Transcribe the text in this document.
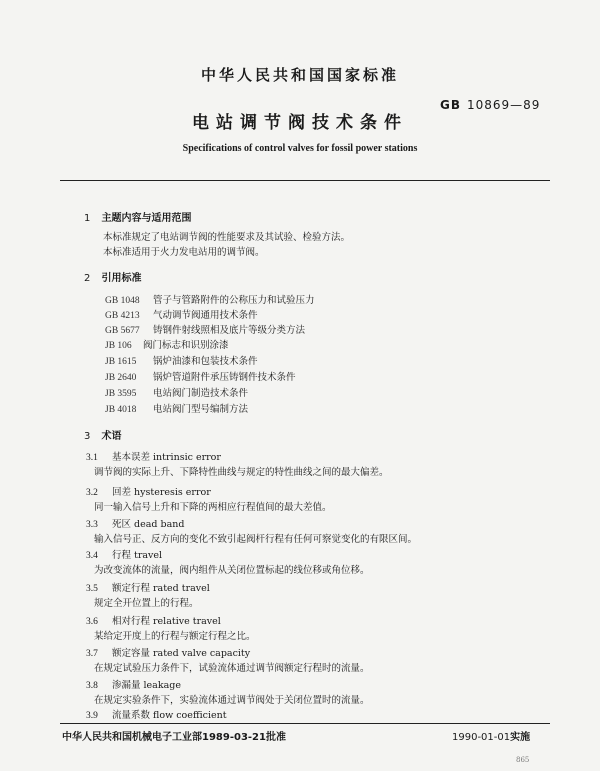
中华人民共和国国家标准
GB 10869—89
电站调节阀技术条件
Specifications of control valves for fossil power stations
1 主题内容与适用范围
本标准规定了电站调节阀的性能要求及其试验、检验方法。
本标准适用于火力发电站用的调节阀。
2 引用标准
GB 1048 管子与管路附件的公称压力和试验压力
GB 4213 气动调节阀通用技术条件
GB 5677 铸钢件射线照相及底片等级分类方法
JB 106 阀门标志和识别涂漆
JB 1615 锅炉油漆和包装技术条件
JB 2640 锅炉管道附件承压铸钢件技术条件
JB 3595 电站阀门制造技术条件
JB 4018 电站阀门型号编制方法
3 术语
3.1 基本误差 intrinsic error
调节阀的实际上升、下降特性曲线与规定的特性曲线之间的最大偏差。
3.2 回差 hysteresis error
同一输入信号上升和下降的两相应行程值间的最大差值。
3.3 死区 dead band
输入信号正、反方向的变化不致引起阀杆行程有任何可察觉变化的有限区间。
3.4 行程 travel
为改变流体的流量，阀内组件从关闭位置标起的线位移或角位移。
3.5 额定行程 rated travel
规定全开位置上的行程。
3.6 相对行程 relative travel
某给定开度上的行程与额定行程之比。
3.7 额定容量 rated valve capacity
在规定试验压力条件下，试验流体通过调节阀额定行程时的流量。
3.8 渗漏量 leakage
在规定实验条件下，实验流体通过调节阀处于关闭位置时的流量。
3.9 流量系数 flow coefficient
中华人民共和国机械电子工业部1989-03-21批准	1990-01-01实施
865
